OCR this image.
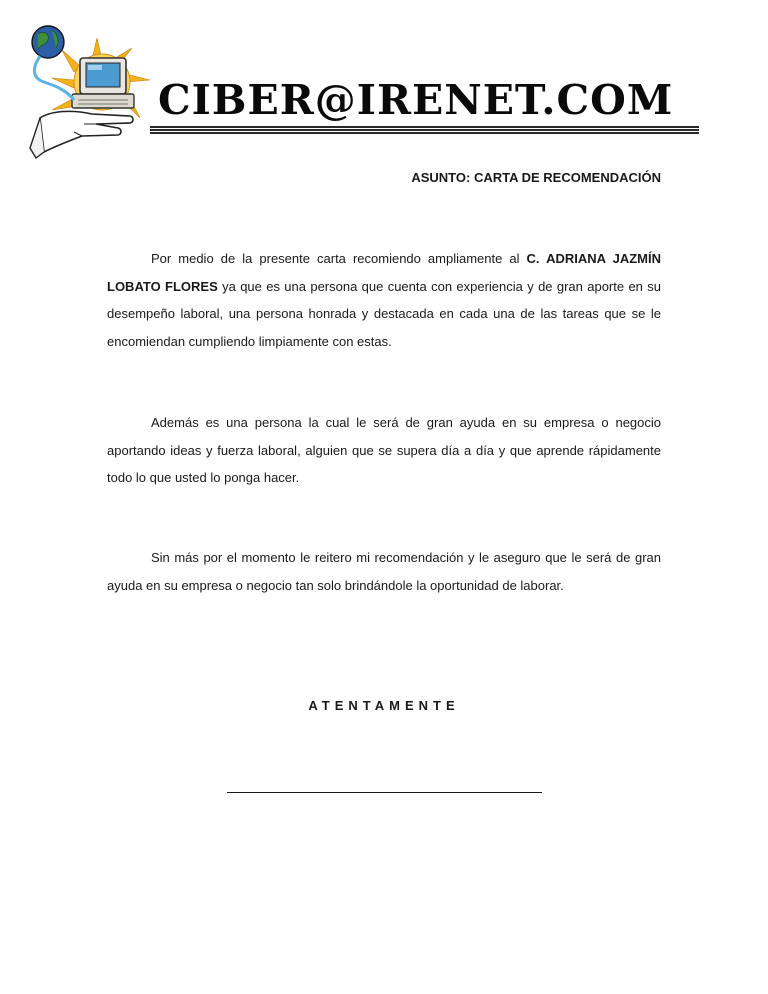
CIBER@IRENET.COM
ASUNTO: CARTA DE RECOMENDACIÓN

Por medio de la presente carta recomiendo ampliamente al C. ADRIANA JAZMÍN LOBATO FLORES ya que es una persona que cuenta con experiencia y de gran aporte en su desempeño laboral, una persona honrada y destacada en cada una de las tareas que se le encomiendan cumpliendo limpiamente con estas.

Además es una persona la cual le será de gran ayuda en su empresa o negocio aportando ideas y fuerza laboral, alguien que se supera día a día y que aprende rápidamente todo lo que usted lo ponga hacer.

Sin más por el momento le reitero mi recomendación y le aseguro que le será de gran ayuda en su empresa o negocio tan solo brindándole la oportunidad de laborar.

ATENTAMENTE
